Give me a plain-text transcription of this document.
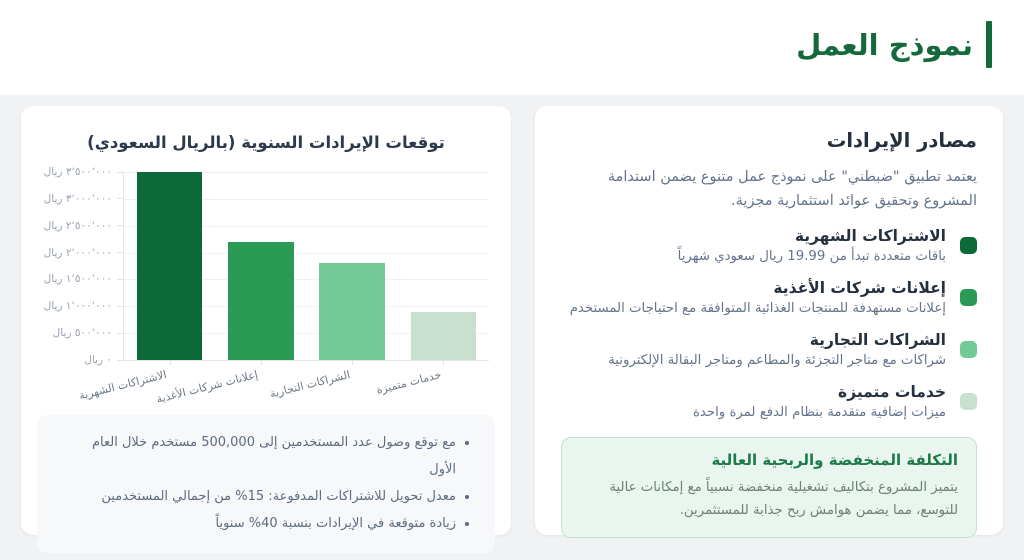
نموذج العمل
مصادر الإيرادات
يعتمد تطبيق "ضبطني" على نموذج عمل متنوع يضمن استدامة المشروع وتحقيق عوائد استثمارية مجزية.
الاشتراكات الشهرية
باقات متعددة تبدأ من 19.99 ريال سعودي شهرياً
إعلانات شركات الأغذية
إعلانات مستهدفة للمنتجات الغذائية المتوافقة مع احتياجات المستخدم
الشراكات التجارية
شراكات مع متاجر التجزئة والمطاعم ومتاجر البقالة الإلكترونية
خدمات متميزة
ميزات إضافية متقدمة بنظام الدفع لمرة واحدة
التكلفة المنخفضة والربحية العالية
يتميز المشروع بتكاليف تشغيلية منخفضة نسبياً مع إمكانات عالية للتوسع، مما يضمن هوامش ربح جذابة للمستثمرين.
توقعات الإيرادات السنوية (بالريال السعودي)
٠ ريال
٥٠٠٬٠٠٠ ريال
١٬٠٠٠٬٠٠٠ ريال
١٬٥٠٠٬٠٠٠ ريال
٢٬٠٠٠٬٠٠٠ ريال
٢٬٥٠٠٬٠٠٠ ريال
٣٬٠٠٠٬٠٠٠ ريال
٣٬٥٠٠٬٠٠٠ ريال
الاشتراكات الشهرية
إعلانات شركات الأغذية الشراكات التجارية خدمات متميزة
مع توقع وصول عدد المستخدمين إلى 500,000 مستخدم خلال العام الأول
معدل تحويل للاشتراكات المدفوعة: 15% من إجمالي المستخدمين
زيادة متوقعة في الإيرادات بنسبة 40% سنوياً
